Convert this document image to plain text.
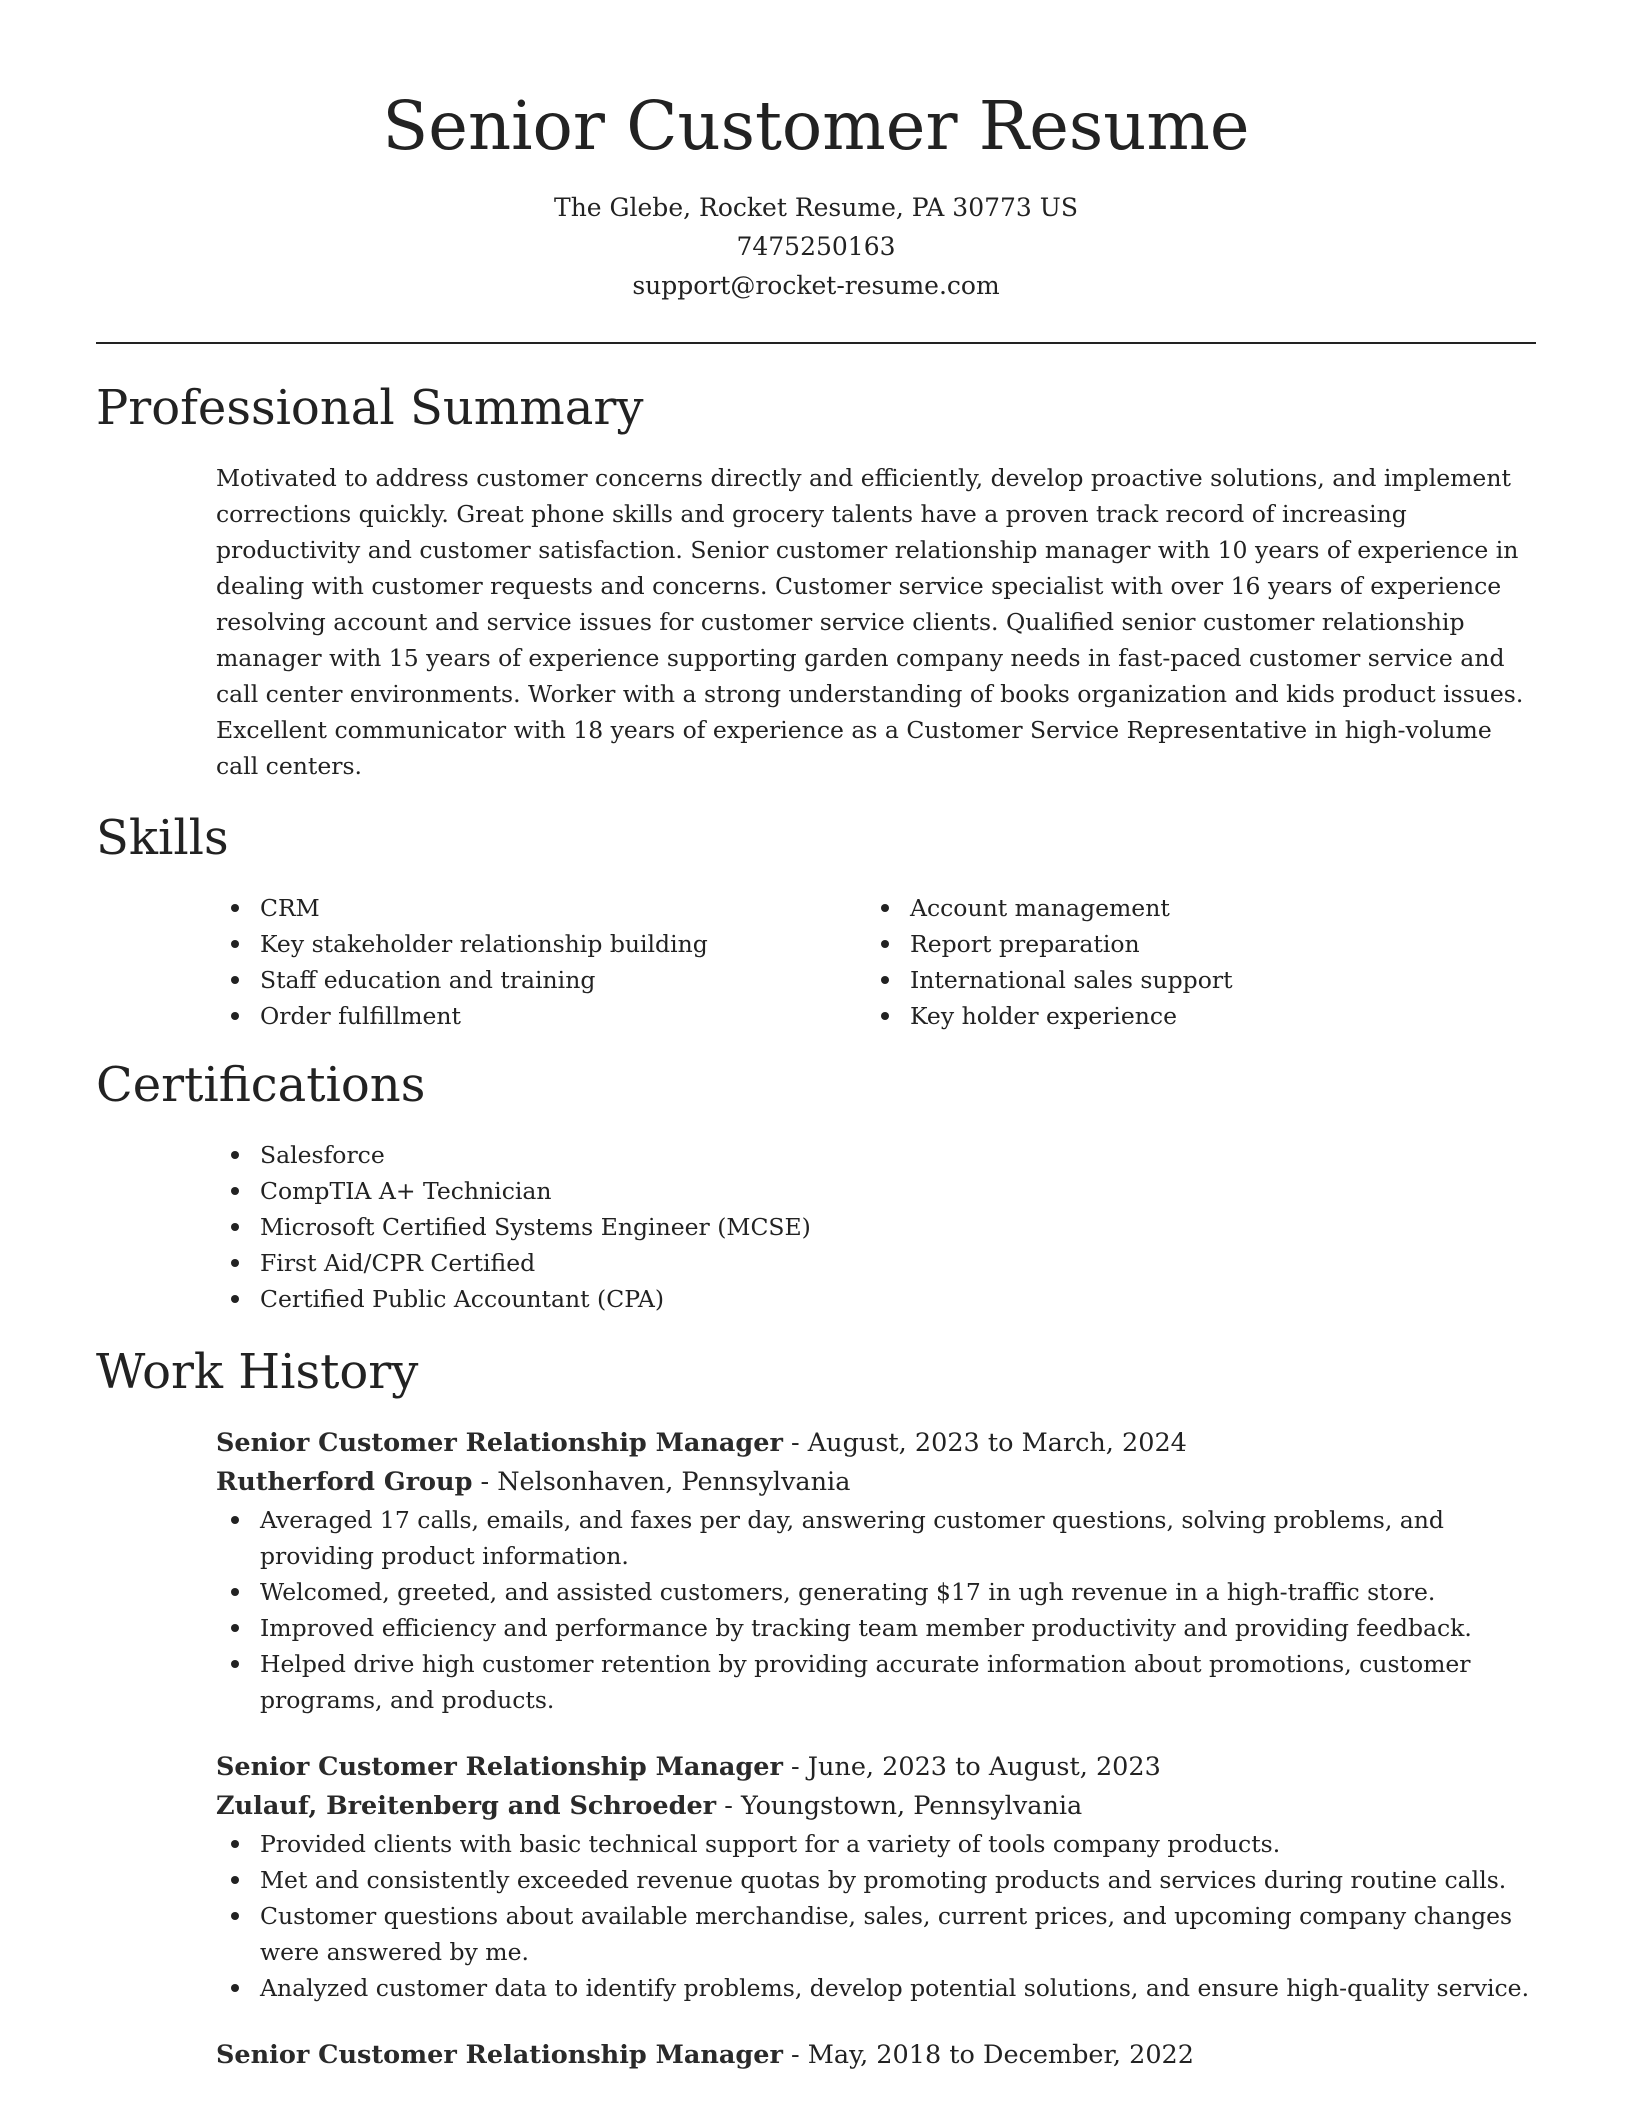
Senior Customer Resume
The Glebe, Rocket Resume, PA 30773 US
7475250163
support@rocket-resume.com
Professional Summary
Motivated to address customer concerns directly and efficiently, develop proactive solutions, and implement corrections quickly. Great phone skills and grocery talents have a proven track record of increasing productivity and customer satisfaction. Senior customer relationship manager with 10 years of experience in dealing with customer requests and concerns. Customer service specialist with over 16 years of experience resolving account and service issues for customer service clients. Qualified senior customer relationship manager with 15 years of experience supporting garden company needs in fast-paced customer service and call center environments. Worker with a strong understanding of books organization and kids product issues. Excellent communicator with 18 years of experience as a Customer Service Representative in high-volume call centers.
Skills
CRM
Key stakeholder relationship building
Staff education and training
Order fulfillment
Account management
Report preparation
International sales support
Key holder experience
Certifications
Salesforce
CompTIA A+ Technician
Microsoft Certified Systems Engineer (MCSE)
First Aid/CPR Certified
Certified Public Accountant (CPA)
Work History
Senior Customer Relationship Manager - August, 2023 to March, 2024
Rutherford Group - Nelsonhaven, Pennsylvania
Averaged 17 calls, emails, and faxes per day, answering customer questions, solving problems, and providing product information.
Welcomed, greeted, and assisted customers, generating $17 in ugh revenue in a high-traffic store.
Improved efficiency and performance by tracking team member productivity and providing feedback.
Helped drive high customer retention by providing accurate information about promotions, customer programs, and products.
Senior Customer Relationship Manager - June, 2023 to August, 2023
Zulauf, Breitenberg and Schroeder - Youngstown, Pennsylvania
Provided clients with basic technical support for a variety of tools company products.
Met and consistently exceeded revenue quotas by promoting products and services during routine calls.
Customer questions about available merchandise, sales, current prices, and upcoming company changes were answered by me.
Analyzed customer data to identify problems, develop potential solutions, and ensure high-quality service.
Senior Customer Relationship Manager - May, 2018 to December, 2022
